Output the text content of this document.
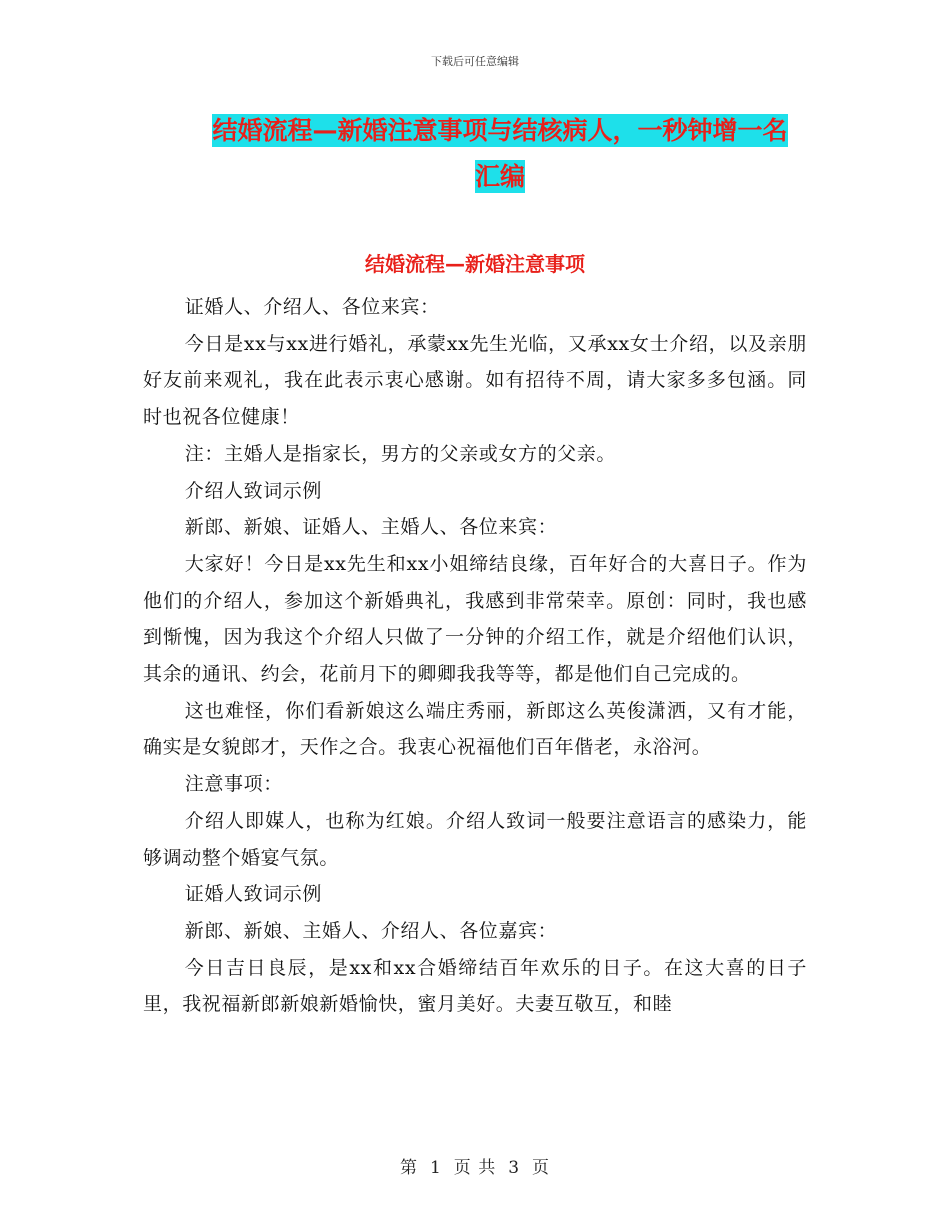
下载后可任意编辑
结婚流程—新婚注意事项与结核病人，一秒钟增一名
汇编
结婚流程—新婚注意事项

证婚人、介绍人、各位来宾：

今日是xx与xx进行婚礼，承蒙xx先生光临，又承xx女士介绍，以及亲朋好友前来观礼，我在此表示衷心感谢。如有招待不周，请大家多多包涵。同时也祝各位健康！

注：主婚人是指家长，男方的父亲或女方的父亲。

介绍人致词示例

新郎、新娘、证婚人、主婚人、各位来宾：

大家好！今日是xx先生和xx小姐缔结良缘，百年好合的大喜日子。作为他们的介绍人，参加这个新婚典礼，我感到非常荣幸。原创：同时，我也感到惭愧，因为我这个介绍人只做了一分钟的介绍工作，就是介绍他们认识，其余的通讯、约会，花前月下的卿卿我我等等，都是他们自己完成的。

这也难怪，你们看新娘这么端庄秀丽，新郎这么英俊潇洒，又有才能，确实是女貌郎才，天作之合。我衷心祝福他们百年偕老，永浴河。

注意事项：

介绍人即媒人，也称为红娘。介绍人致词一般要注意语言的感染力，能够调动整个婚宴气氛。

证婚人致词示例

新郎、新娘、主婚人、介绍人、各位嘉宾：

今日吉日良辰，是xx和xx合婚缔结百年欢乐的日子。在这大喜的日子里，我祝福新郎新娘新婚愉快，蜜月美好。夫妻互敬互，和睦

第 1 页 共 3 页
